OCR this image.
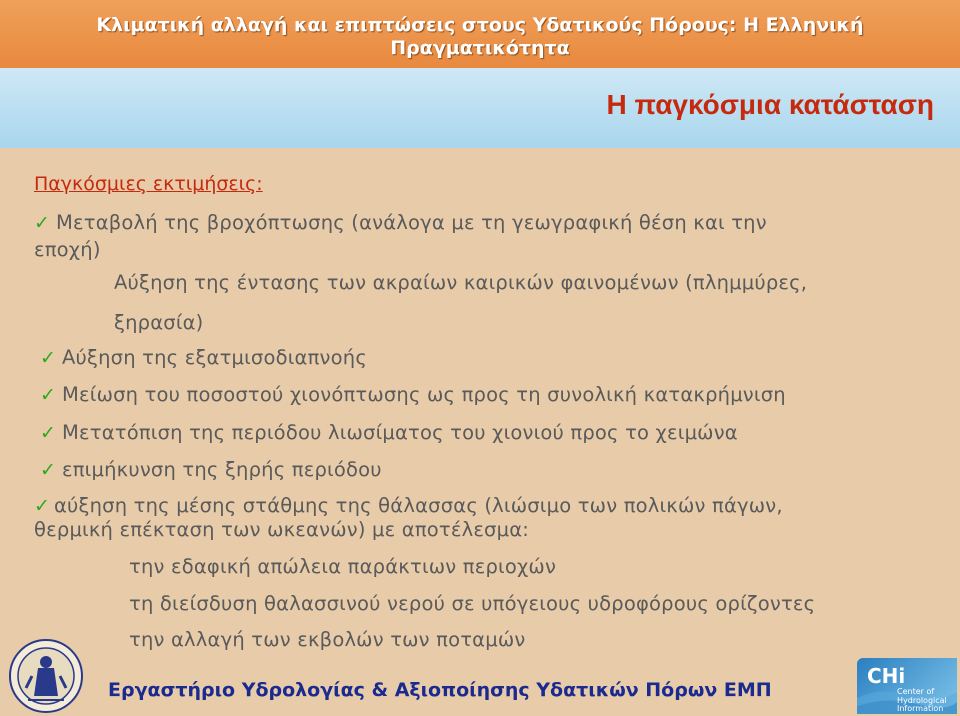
Κλιματική αλλαγή και επιπτώσεις στους Υδατικούς Πόρους: Η Ελληνική
Πραγματικότητα
Η παγκόσμια κατάσταση
Παγκόσμιες εκτιμήσεις:
✓ Μεταβολή της βροχόπτωσης (ανάλογα με τη γεωγραφική θέση και την
εποχή)
Αύξηση της έντασης των ακραίων καιρικών φαινομένων (πλημμύρες,
ξηρασία)
✓ Αύξηση της εξατμισοδιαπνοής
✓ Μείωση του ποσοστού χιονόπτωσης ως προς τη συνολική κατακρήμνιση
✓ Μετατόπιση της περιόδου λιωσίματος του χιονιού προς το χειμώνα
✓ επιμήκυνση της ξηρής περιόδου
✓ αύξηση της μέσης στάθμης της θάλασσας (λιώσιμο των πολικών πάγων,
θερμική επέκταση των ωκεανών) με αποτέλεσμα:
την εδαφική απώλεια παράκτιων περιοχών
τη διείσδυση θαλασσινού νερού σε υπόγειους υδροφόρους ορίζοντες
την αλλαγή των εκβολών των ποταμών
Εργαστήριο Υδρολογίας & Αξιοποίησης Υδατικών Πόρων ΕΜΠ
CHi
Center of
Hydrological
Information
